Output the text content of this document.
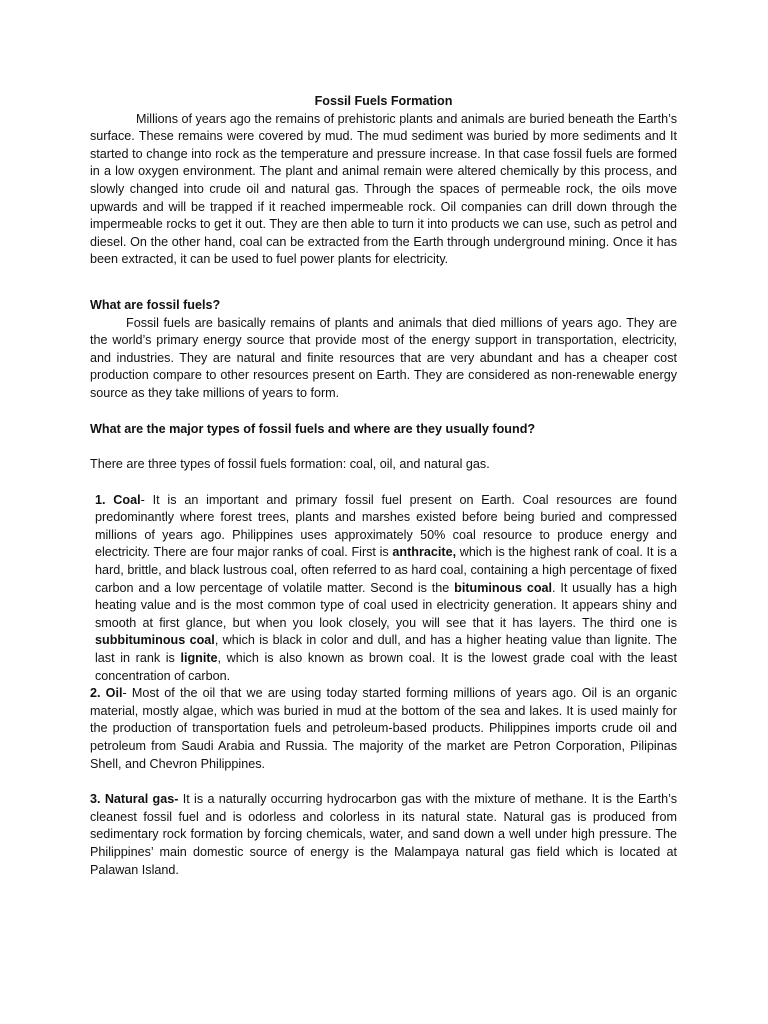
Fossil Fuels Formation

Millions of years ago the remains of prehistoric plants and animals are buried beneath the Earth’s surface. These remains were covered by mud. The mud sediment was buried by more sediments and It started to change into rock as the temperature and pressure increase. In that case fossil fuels are formed in a low oxygen environment. The plant and animal remain were altered chemically by this process, and slowly changed into crude oil and natural gas. Through the spaces of permeable rock, the oils move upwards and will be trapped if it reached impermeable rock. Oil companies can drill down through the impermeable rocks to get it out. They are then able to turn it into products we can use, such as petrol and diesel. On the other hand, coal can be extracted from the Earth through underground mining. Once it has been extracted, it can be used to fuel power plants for electricity.

What are fossil fuels?

Fossil fuels are basically remains of plants and animals that died millions of years ago. They are the world’s primary energy source that provide most of the energy support in transportation, electricity, and industries. They are natural and finite resources that are very abundant and has a cheaper cost production compare to other resources present on Earth. They are considered as non-renewable energy source as they take millions of years to form.

What are the major types of fossil fuels and where are they usually found?

There are three types of fossil fuels formation: coal, oil, and natural gas.

1. Coal- It is an important and primary fossil fuel present on Earth. Coal resources are found predominantly where forest trees, plants and marshes existed before being buried and compressed millions of years ago. Philippines uses approximately 50% coal resource to produce energy and electricity. There are four major ranks of coal. First is anthracite, which is the highest rank of coal. It is a hard, brittle, and black lustrous coal, often referred to as hard coal, containing a high percentage of fixed carbon and a low percentage of volatile matter. Second is the bituminous coal. It usually has a high heating value and is the most common type of coal used in electricity generation. It appears shiny and smooth at first glance, but when you look closely, you will see that it has layers. The third one is subbituminous coal, which is black in color and dull, and has a higher heating value than lignite. The last in rank is lignite, which is also known as brown coal. It is the lowest grade coal with the least concentration of carbon.

2. Oil- Most of the oil that we are using today started forming millions of years ago. Oil is an organic material, mostly algae, which was buried in mud at the bottom of the sea and lakes. It is used mainly for the production of transportation fuels and petroleum-based products. Philippines imports crude oil and petroleum from Saudi Arabia and Russia. The majority of the market are Petron Corporation, Pilipinas Shell, and Chevron Philippines.

3. Natural gas- It is a naturally occurring hydrocarbon gas with the mixture of methane. It is the Earth’s cleanest fossil fuel and is odorless and colorless in its natural state. Natural gas is produced from sedimentary rock formation by forcing chemicals, water, and sand down a well under high pressure. The Philippines’ main domestic source of energy is the Malampaya natural gas field which is located at Palawan Island.
